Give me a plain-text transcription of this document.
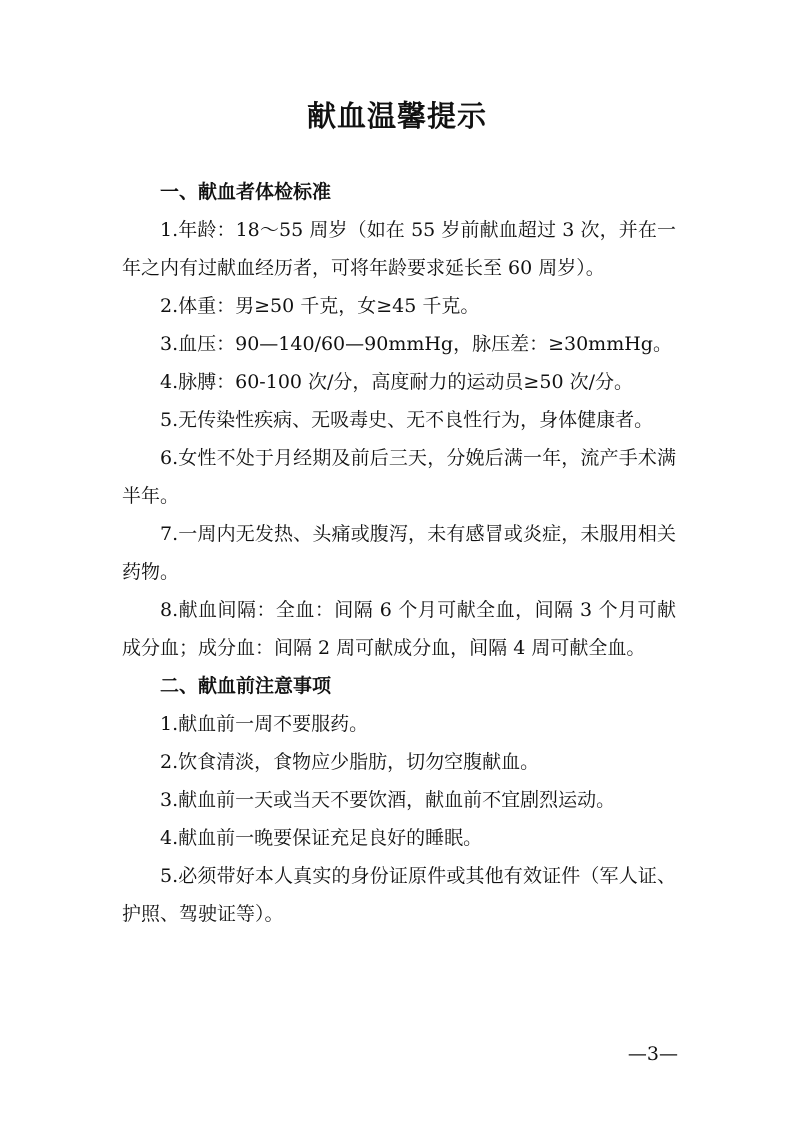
献血温馨提示

一、献血者体检标准

1.年龄：18～55 周岁（如在 55 岁前献血超过 3 次，并在一年之内有过献血经历者，可将年龄要求延长至 60 周岁）。

2.体重：男≥50 千克，女≥45 千克。

3.血压：90—140/60—90mmHg，脉压差：≥30mmHg。

4.脉膊：60-100 次/分，高度耐力的运动员≥50 次/分。

5.无传染性疾病、无吸毒史、无不良性行为，身体健康者。

6.女性不处于月经期及前后三天，分娩后满一年，流产手术满半年。

7.一周内无发热、头痛或腹泻，未有感冒或炎症，未服用相关药物。

8.献血间隔：全血：间隔 6 个月可献全血，间隔 3 个月可献成分血；成分血：间隔 2 周可献成分血，间隔 4 周可献全血。

二、献血前注意事项

1.献血前一周不要服药。

2.饮食清淡，食物应少脂肪，切勿空腹献血。

3.献血前一天或当天不要饮酒，献血前不宜剧烈运动。

4.献血前一晚要保证充足良好的睡眠。

5.必须带好本人真实的身份证原件或其他有效证件（军人证、护照、驾驶证等）。

—3—
